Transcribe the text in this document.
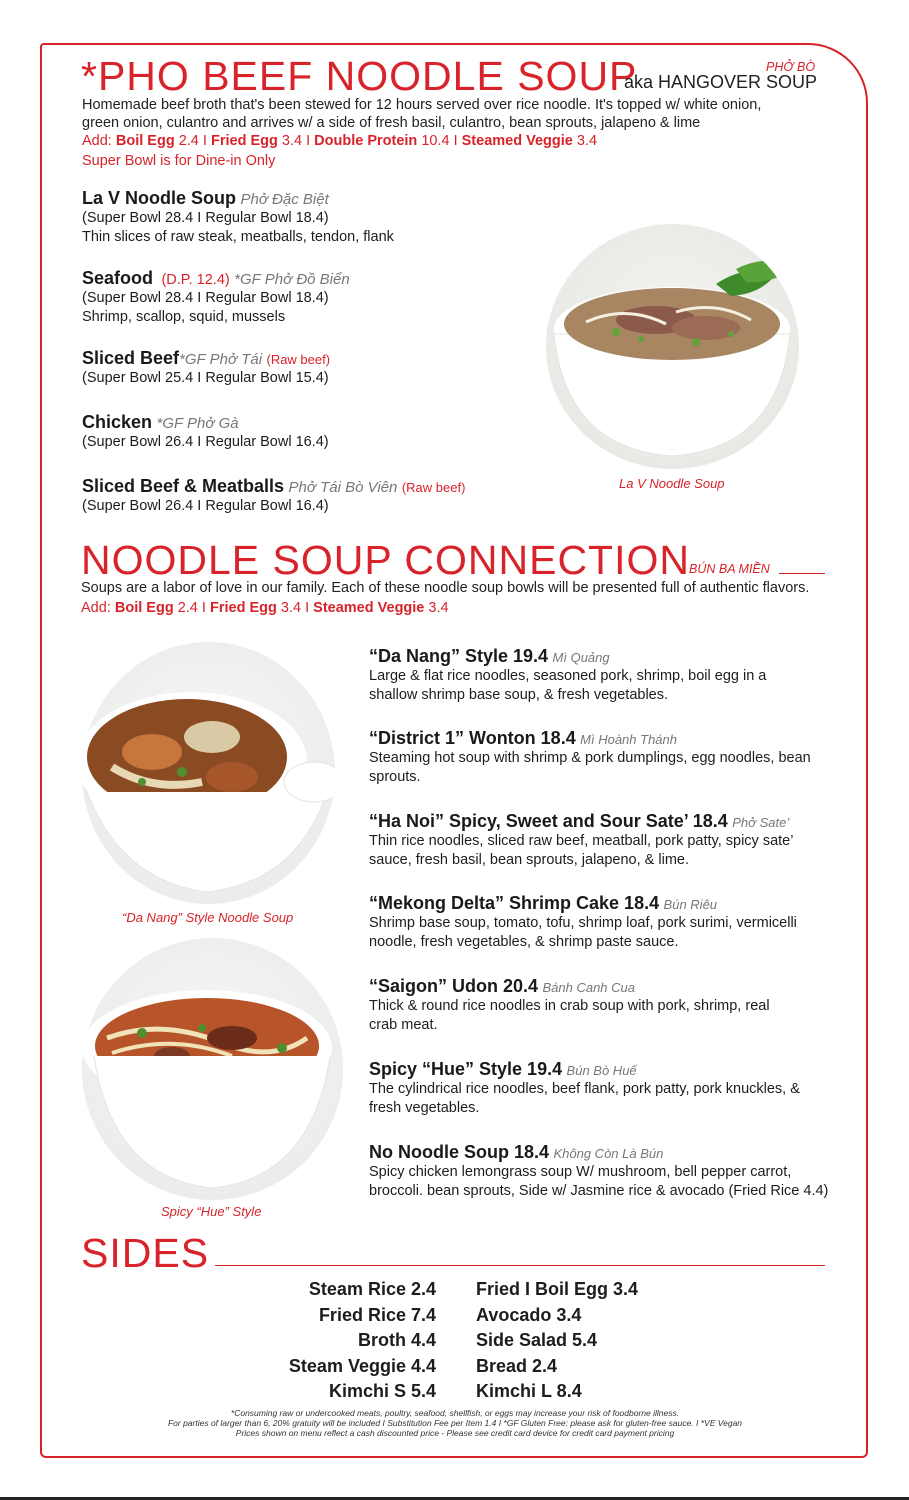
*PHO BEEF NOODLE SOUP
aka HANGOVER SOUP
PHỞ BÒ
Homemade beef broth that's been stewed for 12 hours served over rice noodle. It's topped w/ white onion,
green onion, culantro and arrives w/ a side of fresh basil, culantro, bean sprouts, jalapeno & lime
Add: Boil Egg 2.4 I Fried Egg 3.4 I Double Protein 10.4 I Steamed Veggie 3.4
Super Bowl is for Dine-in Only
La V Noodle Soup Phở Đặc Biệt
(Super Bowl 28.4 I Regular Bowl 18.4)
Thin slices of raw steak, meatballs, tendon, flank
Seafood (D.P. 12.4) *GF Phở Đồ Biển
(Super Bowl 28.4 I Regular Bowl 18.4)
Shrimp, scallop, squid, mussels
Sliced Beef*GF Phở Tái (Raw beef)
(Super Bowl 25.4 I Regular Bowl 15.4)
Chicken *GF Phở Gà
(Super Bowl 26.4 I Regular Bowl 16.4)
Sliced Beef & Meatballs Phở Tái Bò Viên (Raw beef)
(Super Bowl 26.4 I Regular Bowl 16.4)
La V Noodle Soup
NOODLE SOUP CONNECTION BÚN BA MIỀN
Soups are a labor of love in our family. Each of these noodle soup bowls will be presented full of authentic flavors.
Add: Boil Egg 2.4 I Fried Egg 3.4 I Steamed Veggie 3.4
“Da Nang” Style Noodle Soup
Spicy “Hue” Style
“Da Nang” Style 19.4 Mì Quảng
Large & flat rice noodles, seasoned pork, shrimp, boil egg in a
shallow shrimp base soup, & fresh vegetables.
“District 1” Wonton 18.4 Mì Hoành Thánh
Steaming hot soup with shrimp & pork dumplings, egg noodles, bean
sprouts.
“Ha Noi” Spicy, Sweet and Sour Sate’ 18.4 Phở Sate’
Thin rice noodles, sliced raw beef, meatball, pork patty, spicy sate’
sauce, fresh basil, bean sprouts, jalapeno, & lime.
“Mekong Delta” Shrimp Cake 18.4 Bún Riêu
Shrimp base soup, tomato, tofu, shrimp loaf, pork surimi, vermicelli
noodle, fresh vegetables, & shrimp paste sauce.
“Saigon” Udon 20.4 Bánh Canh Cua
Thick & round rice noodles in crab soup with pork, shrimp, real
crab meat.
Spicy “Hue” Style 19.4 Bún Bò Huế
The cylindrical rice noodles, beef flank, pork patty, pork knuckles, &
fresh vegetables.
No Noodle Soup 18.4 Không Còn Là Bún
Spicy chicken lemongrass soup W/ mushroom, bell pepper carrot,
broccoli. bean sprouts, Side w/ Jasmine rice & avocado (Fried Rice 4.4)
SIDES
Steam Rice 2.4
Fried Rice 7.4
Broth 4.4
Steam Veggie 4.4
Kimchi S 5.4
Fried I Boil Egg 3.4
Avocado 3.4
Side Salad 5.4
Bread 2.4
Kimchi L 8.4
*Consuming raw or undercooked meats, poultry, seafood, shellfish, or eggs may increase your risk of foodborne illness.
For parties of larger than 6, 20% gratuity will be included I Substitution Fee per Item 1.4 I *GF Gluten Free: please ask for gluten-free sauce. I *VE Vegan
Prices shown on menu reflect a cash discounted price - Please see credit card device for credit card payment pricing
